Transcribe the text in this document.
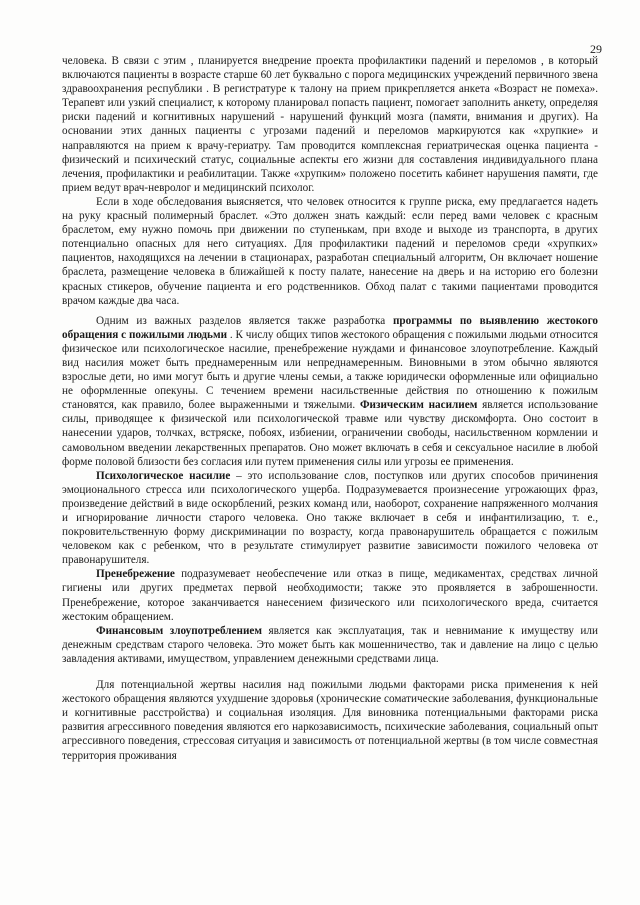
29

человека. В связи с этим , планируется внедрение проекта профилактики падений и переломов , в который включаются пациенты в возрасте старше 60 лет буквально с порога медицинских учреждений первичного звена здравоохранения республики . В регистратуре к талону на прием прикрепляется анкета «Возраст не помеха». Терапевт или узкий специалист, к которому планировал попасть пациент, помогает заполнить анкету, определяя риски падений и когнитивных нарушений - нарушений функций мозга (памяти, внимания и других). На основании этих данных пациенты с угрозами падений и переломов маркируются как «хрупкие» и направляются на прием к врачу-гериатру. Там проводится комплексная гериатрическая оценка пациента - физический и психический статус, социальные аспекты его жизни для составления индивидуального плана лечения, профилактики и реабилитации. Также «хрупким» положено посетить кабинет нарушения памяти, где прием ведут врач-невролог и медицинский психолог.

Если в ходе обследования выясняется, что человек относится к группе риска, ему предлагается надеть на руку красный полимерный браслет. «Это должен знать каждый: если перед вами человек с красным браслетом, ему нужно помочь при движении по ступенькам, при входе и выходе из транспорта, в других потенциально опасных для него ситуациях. Для профилактики падений и переломов среди «хрупких» пациентов, находящихся на лечении в стационарах, разработан специальный алгоритм, Он включает ношение браслета, размещение человека в ближайшей к посту палате, нанесение на дверь и на историю его болезни красных стикеров, обучение пациента и его родственников. Обход палат с такими пациентами проводится врачом каждые два часа.

Одним из важных разделов является также разработка программы по выявлению жестокого обращения с пожилыми людьми . К числу общих типов жестокого обращения с пожилыми людьми относится физическое или психологическое насилие, пренебрежение нуждами и финансовое злоупотребление. Каждый вид насилия может быть преднамеренным или непреднамеренным. Виновными в этом обычно являются взрослые дети, но ими могут быть и другие члены семьи, а также юридически оформленные или официально не оформленные опекуны. С течением времени насильственные действия по отношению к пожилым становятся, как правило, более выраженными и тяжелыми. Физическим насилием является использование силы, приводящее к физической или психологической травме или чувству дискомфорта. Оно состоит в нанесении ударов, толчках, встряске, побоях, избиении, ограничении свободы, насильственном кормлении и самовольном введении лекарственных препаратов. Оно может включать в себя и сексуальное насилие в любой форме половой близости без согласия или путем применения силы или угрозы ее применения.

Психологическое насилие – это использование слов, поступков или других способов причинения эмоционального стресса или психологического ущерба. Подразумевается произнесение угрожающих фраз, произведение действий в виде оскорблений, резких команд или, наоборот, сохранение напряженного молчания и игнорирование личности старого человека. Оно также включает в себя и инфантилизацию, т. е., покровительственную форму дискриминации по возрасту, когда правонарушитель обращается с пожилым человеком как с ребенком, что в результате стимулирует развитие зависимости пожилого человека от правонарушителя.

Пренебрежение подразумевает необеспечение или отказ в пище, медикаментах, средствах личной гигиены или других предметах первой необходимости; также это проявляется в заброшенности. Пренебрежение, которое заканчивается нанесением физического или психологического вреда, считается жестоким обращением.

Финансовым злоупотреблением является как эксплуатация, так и невнимание к имуществу или денежным средствам старого человека. Это может быть как мошенничество, так и давление на лицо с целью завладения активами, имуществом, управлением денежными средствами лица.

Для потенциальной жертвы насилия над пожилыми людьми факторами риска применения к ней жестокого обращения являются ухудшение здоровья (хронические соматические заболевания, функциональные и когнитивные расстройства) и социальная изоляция. Для виновника потенциальными факторами риска развития агрессивного поведения являются его наркозависимость, психические заболевания, социальный опыт агрессивного поведения, стрессовая ситуация и зависимость от потенциальной жертвы (в том числе совместная территория проживания
